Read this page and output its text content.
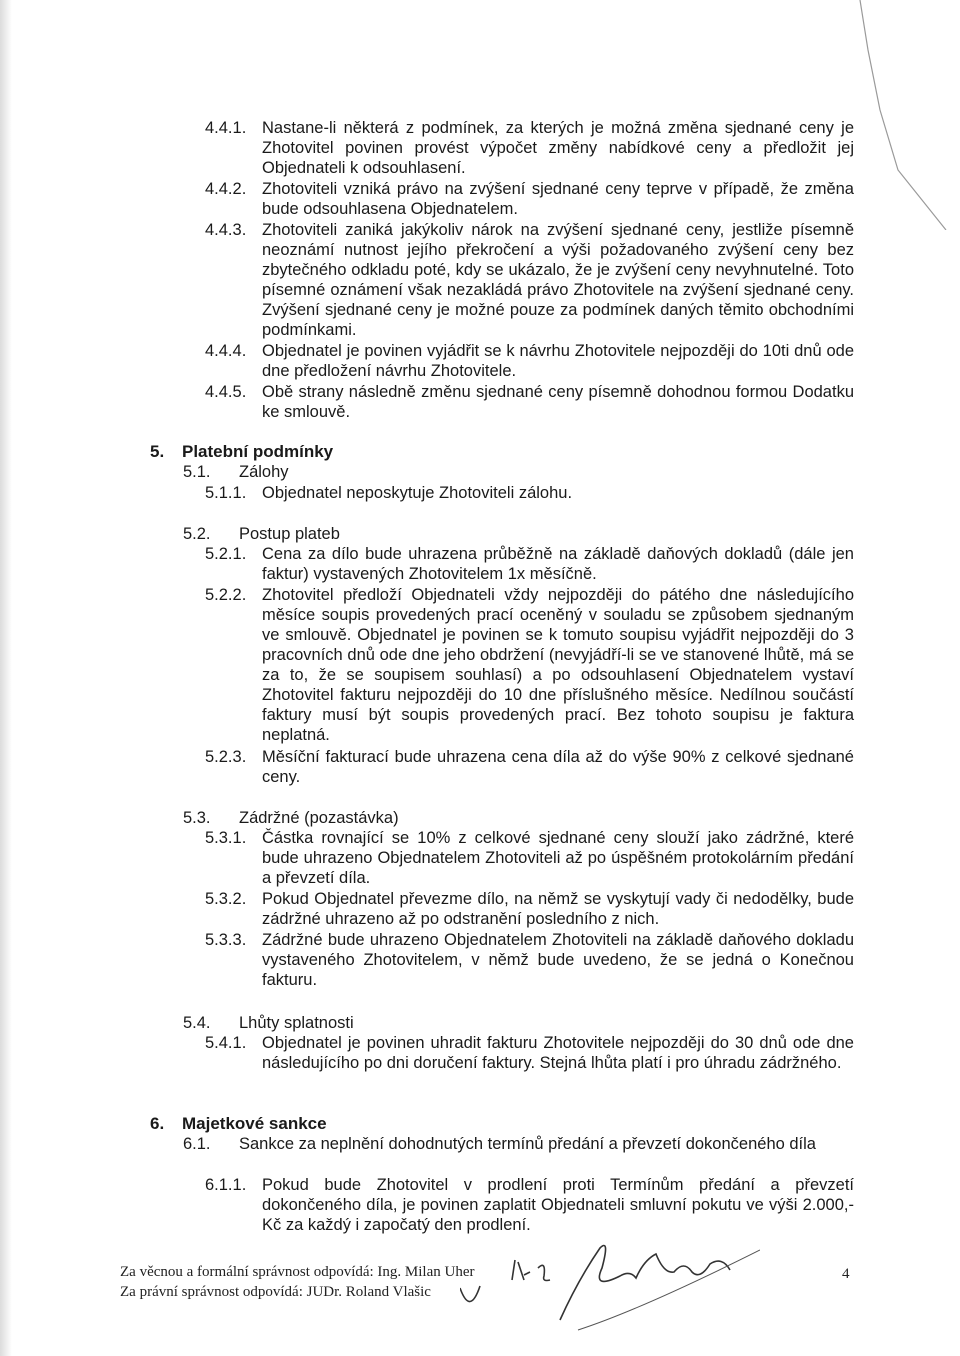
4.4.1. Nastane-li některá z podmínek, za kterých je možná změna sjednané ceny je Zhotovitel povinen provést výpočet změny nabídkové ceny a předložit jej Objednateli k odsouhlasení.
4.4.2. Zhotoviteli vzniká právo na zvýšení sjednané ceny teprve v případě, že změna bude odsouhlasena Objednatelem.
4.4.3. Zhotoviteli zaniká jakýkoliv nárok na zvýšení sjednané ceny, jestliže písemně neoznámí nutnost jejího překročení a výši požadovaného zvýšení ceny bez zbytečného odkladu poté, kdy se ukázalo, že je zvýšení ceny nevyhnutelné. Toto písemné oznámení však nezakládá právo Zhotovitele na zvýšení sjednané ceny. Zvýšení sjednané ceny je možné pouze za podmínek daných těmito obchodními podmínkami.
4.4.4. Objednatel je povinen vyjádřit se k návrhu Zhotovitele nejpozději do 10ti dnů ode dne předložení návrhu Zhotovitele.
4.4.5. Obě strany následně změnu sjednané ceny písemně dohodnou formou Dodatku ke smlouvě.
5. Platební podmínky
5.1. Zálohy
5.1.1. Objednatel neposkytuje Zhotoviteli zálohu.
5.2. Postup plateb
5.2.1. Cena za dílo bude uhrazena průběžně na základě daňových dokladů (dále jen faktur) vystavených Zhotovitelem 1x měsíčně.
5.2.2. Zhotovitel předloží Objednateli vždy nejpozději do pátého dne následujícího měsíce soupis provedených prací oceněný v souladu se způsobem sjednaným ve smlouvě. Objednatel je povinen se k tomuto soupisu vyjádřit nejpozději do 3 pracovních dnů ode dne jeho obdržení (nevyjádří-li se ve stanovené lhůtě, má se za to, že se soupisem souhlasí) a po odsouhlasení Objednatelem vystaví Zhotovitel fakturu nejpozději do 10 dne příslušného měsíce. Nedílnou součástí faktury musí být soupis provedených prací. Bez tohoto soupisu je faktura neplatná.
5.2.3. Měsíční fakturací bude uhrazena cena díla až do výše 90% z celkové sjednané ceny.
5.3. Zádržné (pozastávka)
5.3.1. Částka rovnající se 10% z celkové sjednané ceny slouží jako zádržné, které bude uhrazeno Objednatelem Zhotoviteli až po úspěšném protokolárním předání a převzetí díla.
5.3.2. Pokud Objednatel převezme dílo, na němž se vyskytují vady či nedodělky, bude zádržné uhrazeno až po odstranění posledního z nich.
5.3.3. Zádržné bude uhrazeno Objednatelem Zhotoviteli na základě daňového dokladu vystaveného Zhotovitelem, v němž bude uvedeno, že se jedná o Konečnou fakturu.
5.4. Lhůty splatnosti
5.4.1. Objednatel je povinen uhradit fakturu Zhotovitele nejpozději do 30 dnů ode dne následujícího po dni doručení faktury. Stejná lhůta platí i pro úhradu zádržného.
6. Majetkové sankce
6.1. Sankce za neplnění dohodnutých termínů předání a převzetí dokončeného díla
6.1.1. Pokud bude Zhotovitel v prodlení proti Termínům předání a převzetí dokončeného díla, je povinen zaplatit Objednateli smluvní pokutu ve výši 2.000,- Kč za každý i započatý den prodlení.
Za věcnou a formální správnost odpovídá: Ing. Milan Uher
Za právní správnost odpovídá: JUDr. Roland Vlašic
4
